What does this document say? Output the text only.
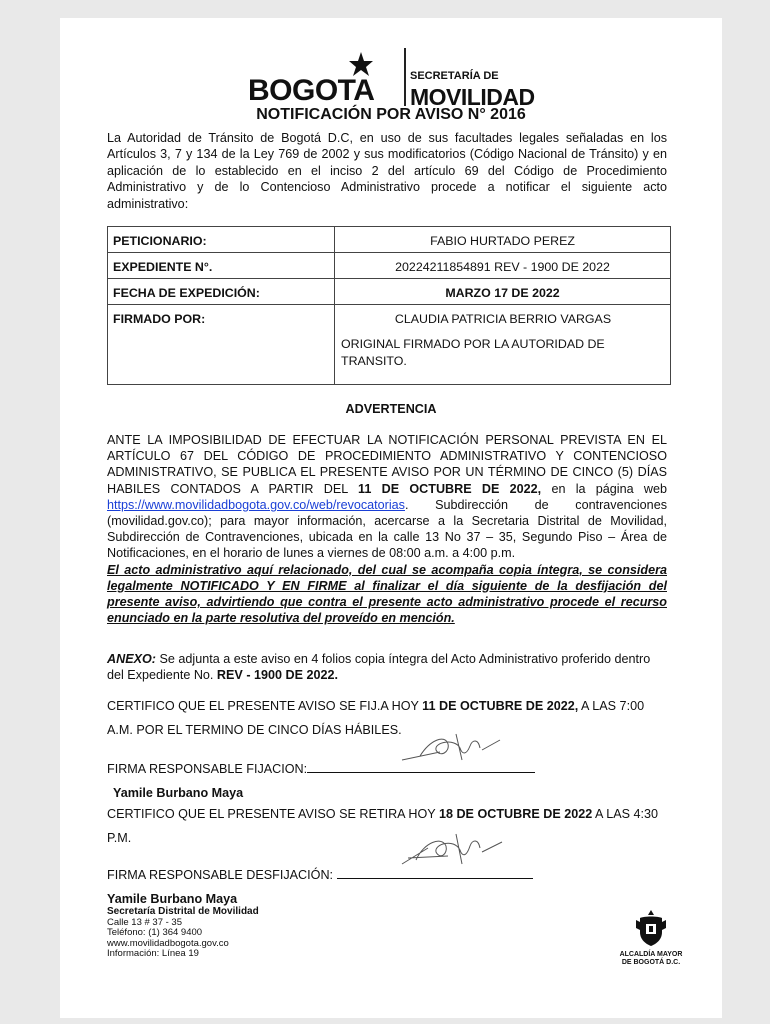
BOGOTA	SECRETARÍA DE
MOVILIDAD
NOTIFICACIÓN POR AVISO N° 2016
La Autoridad de Tránsito de Bogotá D.C, en uso de sus facultades legales señaladas en los Artículos 3, 7 y 134 de la Ley 769 de 2002 y sus modificatorios (Código Nacional de Tránsito) y en aplicación de lo establecido en el inciso 2 del artículo 69 del Código de Procedimiento Administrativo y de lo Contencioso Administrativo procede a notificar el siguiente acto administrativo:
PETICIONARIO:	FABIO HURTADO PEREZ
EXPEDIENTE N°.	20224211854891 REV - 1900 DE 2022
FECHA DE EXPEDICIÓN:	MARZO 17 DE 2022
FIRMADO POR:	CLAUDIA PATRICIA BERRIO VARGAS
ORIGINAL FIRMADO POR LA AUTORIDAD DE TRANSITO.
ADVERTENCIA
ANTE LA IMPOSIBILIDAD DE EFECTUAR LA NOTIFICACIÓN PERSONAL PREVISTA EN EL ARTÍCULO 67 DEL CÓDIGO DE PROCEDIMIENTO ADMINISTRATIVO Y CONTENCIOSO ADMINISTRATIVO, SE PUBLICA EL PRESENTE AVISO POR UN TÉRMINO DE CINCO (5) DÍAS HABILES CONTADOS A PARTIR DEL 11 DE OCTUBRE DE 2022, en la página web https://www.movilidadbogota.gov.co/web/revocatorias. Subdirección de contravenciones (movilidad.gov.co); para mayor información, acercarse a la Secretaria Distrital de Movilidad, Subdirección de Contravenciones, ubicada en la calle 13 No 37 – 35, Segundo Piso – Área de Notificaciones, en el horario de lunes a viernes de 08:00 a.m. a 4:00 p.m.
El acto administrativo aquí relacionado, del cual se acompaña copia íntegra, se considera legalmente NOTIFICADO Y EN FIRME al finalizar el día siguiente de la desfijación del presente aviso, advirtiendo que contra el presente acto administrativo procede el recurso enunciado en la parte resolutiva del proveído en mención.
ANEXO: Se adjunta a este aviso en 4 folios copia íntegra del Acto Administrativo proferido dentro del Expediente No. REV - 1900 DE 2022.
CERTIFICO QUE EL PRESENTE AVISO SE FIJ.A HOY 11 DE OCTUBRE DE 2022, A LAS 7:00 A.M. POR EL TERMINO DE CINCO DÍAS HÁBILES.
FIRMA RESPONSABLE FIJACION:
Yamile Burbano Maya
CERTIFICO QUE EL PRESENTE AVISO SE RETIRA HOY 18 DE OCTUBRE DE 2022 A LAS 4:30 P.M.
FIRMA RESPONSABLE DESFIJACIÓN:
Yamile Burbano Maya
Secretaría Distrital de Movilidad
Calle 13 # 37 - 35
Teléfono: (1) 364 9400
www.movilidadbogota.gov.co
Información: Línea 19	ALCALDÍA MAYOR
DE BOGOTÁ D.C.
